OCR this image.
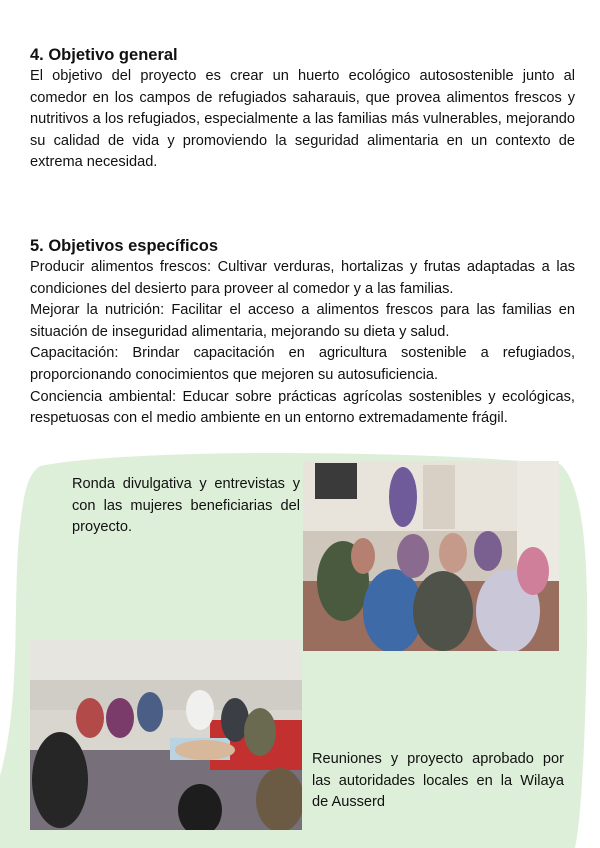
4. Objetivo general

El objetivo del proyecto es crear un huerto ecológico autosostenible junto al comedor en los campos de refugiados saharauis, que provea alimentos frescos y nutritivos a los refugiados, especialmente a las familias más vulnerables, mejorando su calidad de vida y promoviendo la seguridad alimentaria en un contexto de extrema necesidad.

5. Objetivos específicos

Producir alimentos frescos: Cultivar verduras, hortalizas y frutas adaptadas a las condiciones del desierto para proveer al comedor y a las familias.

Mejorar la nutrición: Facilitar el acceso a alimentos frescos para las familias en situación de inseguridad alimentaria, mejorando su dieta y salud.

Capacitación: Brindar capacitación en agricultura sostenible a refugiados, proporcionando conocimientos que mejoren su autosuficiencia.

Conciencia ambiental: Educar sobre prácticas agrícolas sostenibles y ecológicas, respetuosas con el medio ambiente en un entorno extremadamente frágil.

Ronda divulgativa y entrevistas y con las mujeres beneficiarias del proyecto.
Reuniones y proyecto aprobado por las autoridades locales en la Wilaya de Ausserd
